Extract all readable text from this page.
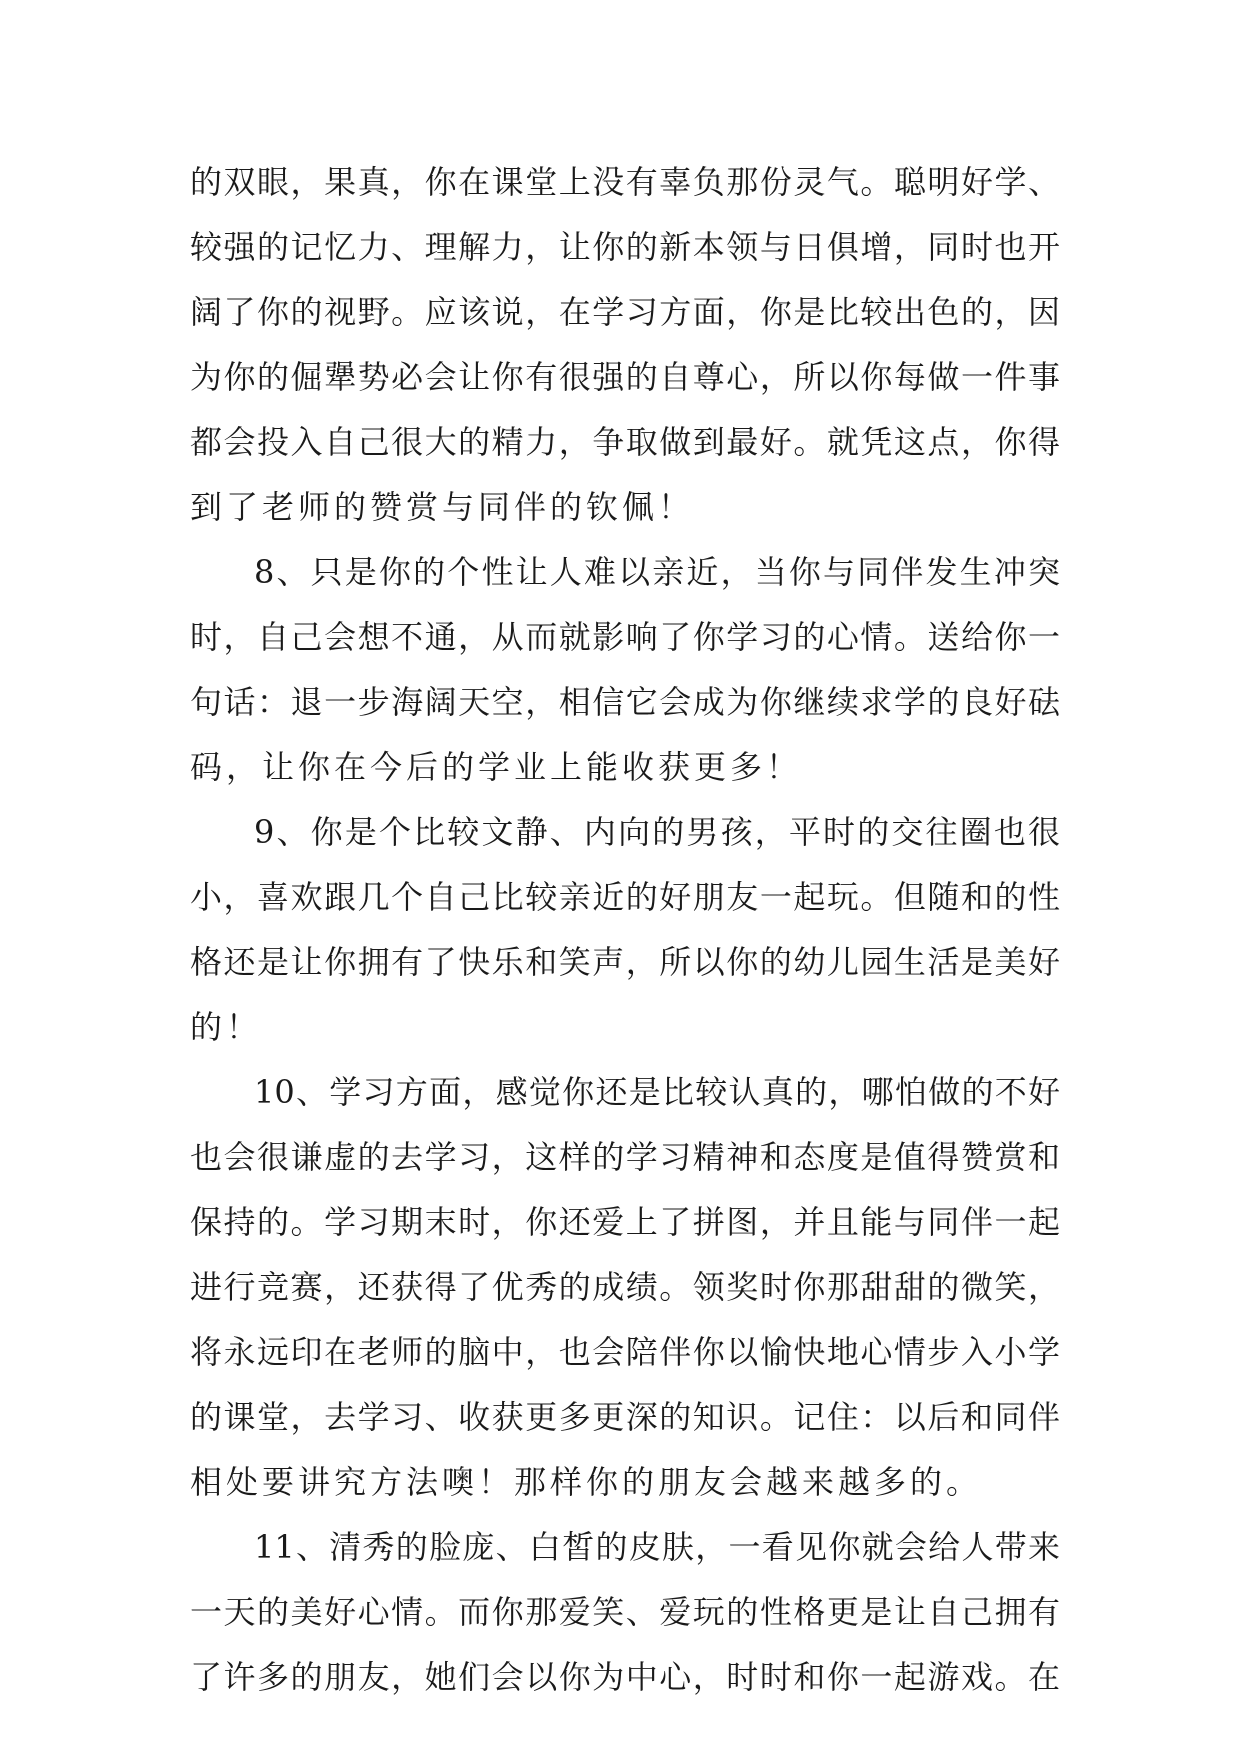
的双眼，果真，你在课堂上没有辜负那份灵气。聪明好学、
较强的记忆力、理解力，让你的新本领与日俱增，同时也开
阔了你的视野。应该说，在学习方面，你是比较出色的，因
为你的倔犟势必会让你有很强的自尊心，所以你每做一件事
都会投入自己很大的精力，争取做到最好。就凭这点，你得
到了老师的赞赏与同伴的钦佩！
8、只是你的个性让人难以亲近，当你与同伴发生冲突
时，自己会想不通，从而就影响了你学习的心情。送给你一
句话：退一步海阔天空，相信它会成为你继续求学的良好砝
码，让你在今后的学业上能收获更多！
9、你是个比较文静、内向的男孩，平时的交往圈也很
小，喜欢跟几个自己比较亲近的好朋友一起玩。但随和的性
格还是让你拥有了快乐和笑声，所以你的幼儿园生活是美好
的！
10、学习方面，感觉你还是比较认真的，哪怕做的不好
也会很谦虚的去学习，这样的学习精神和态度是值得赞赏和
保持的。学习期末时，你还爱上了拼图，并且能与同伴一起
进行竞赛，还获得了优秀的成绩。领奖时你那甜甜的微笑，
将永远印在老师的脑中，也会陪伴你以愉快地心情步入小学
的课堂，去学习、收获更多更深的知识。记住：以后和同伴
相处要讲究方法噢！那样你的朋友会越来越多的。
11、清秀的脸庞、白皙的皮肤，一看见你就会给人带来
一天的美好心情。而你那爱笑、爱玩的性格更是让自己拥有
了许多的朋友，她们会以你为中心，时时和你一起游戏。在
